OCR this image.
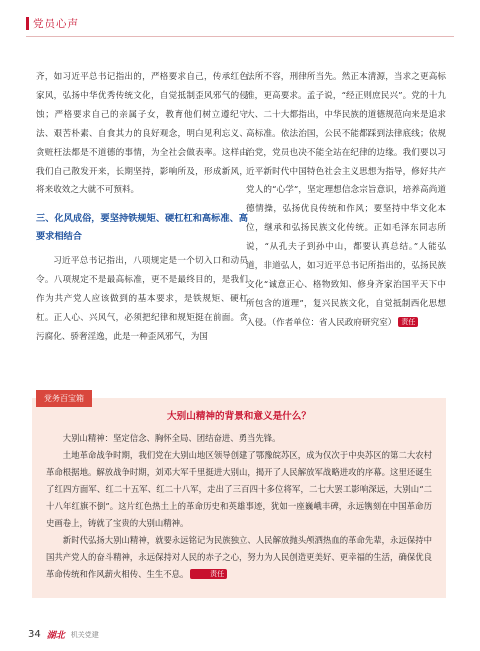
党员心声

齐，如习近平总书记指出的，严格要求自己，传承红色家风，弘扬中华优秀传统文化，自觉抵制歪风邪气的侵蚀；严格要求自己的亲属子女，教育他们树立遵纪守法、艰苦朴素、自食其力的良好观念，明白见利忘义、贪赃枉法都是不道德的事情，为全社会做表率。这样由我们自己散发开来，长期坚持，影响所及，形成新风，将来收效之大就不可预料。

三、化风成俗，要坚持铁规矩、硬杠杠和高标准、高要求相结合

习近平总书记指出，八项规定是一个切入口和动员令。八项规定不是最高标准，更不是最终目的，是我们作为共产党人应该做到的基本要求，是铁规矩、硬杠杠。正人心、兴风气，必须把纪律和规矩挺在前面。贪污腐化、骄奢淫逸，此是一种歪风邪气，为国

法所不容，刑律所当先。然正本清源，当求之更高标准，更高要求。孟子说，“经正则庶民兴”。党的十九大、二十大都指出，中华民族的道德规范向来是追求高标准。依法治国，公民不能都踩到法律底线；依规治党，党员也决不能全站在纪律的边缘。我们要以习近平新时代中国特色社会主义思想为指导，修好共产党人的“心学”，坚定理想信念宗旨意识，培养高尚道德情操，弘扬优良传统和作风；要坚持中华文化本位，继承和弘扬民族文化传统。正如毛泽东同志所说，“从孔夫子到孙中山，都要认真总结。”人能弘道，非道弘人，如习近平总书记所指出的，弘扬民族文化“诚意正心、格物致知、修身齐家治国平天下中所包含的道理”，复兴民族文化，自觉抵制西化思想入侵。（作者单位：省人民政府研究室） 责任

党务百宝箱
大别山精神的背景和意义是什么？

大别山精神：坚定信念、胸怀全局、团结奋进、勇当先锋。

土地革命战争时期，我们党在大别山地区领导创建了鄂豫皖苏区，成为仅次于中央苏区的第二大农村革命根据地。解放战争时期，刘邓大军千里挺进大别山，揭开了人民解放军战略进攻的序幕。这里还诞生了红四方面军、红二十五军、红二十八军，走出了三百四十多位将军，二七大罢工影响深远，大别山“二十八年红旗不倒”。这片红色热土上的革命历史和英雄事迹，犹如一座巍峨丰碑，永远镌刻在中国革命历史画卷上，铸就了宝贵的大别山精神。

新时代弘扬大别山精神，就要永远铭记为民族独立、人民解放抛头颅洒热血的革命先辈，永远保持中国共产党人的奋斗精神，永远保持对人民的赤子之心，努力为人民创造更美好、更幸福的生活，确保优良革命传统和作风薪火相传、生生不息。	责任

34 湖北 机关党建
